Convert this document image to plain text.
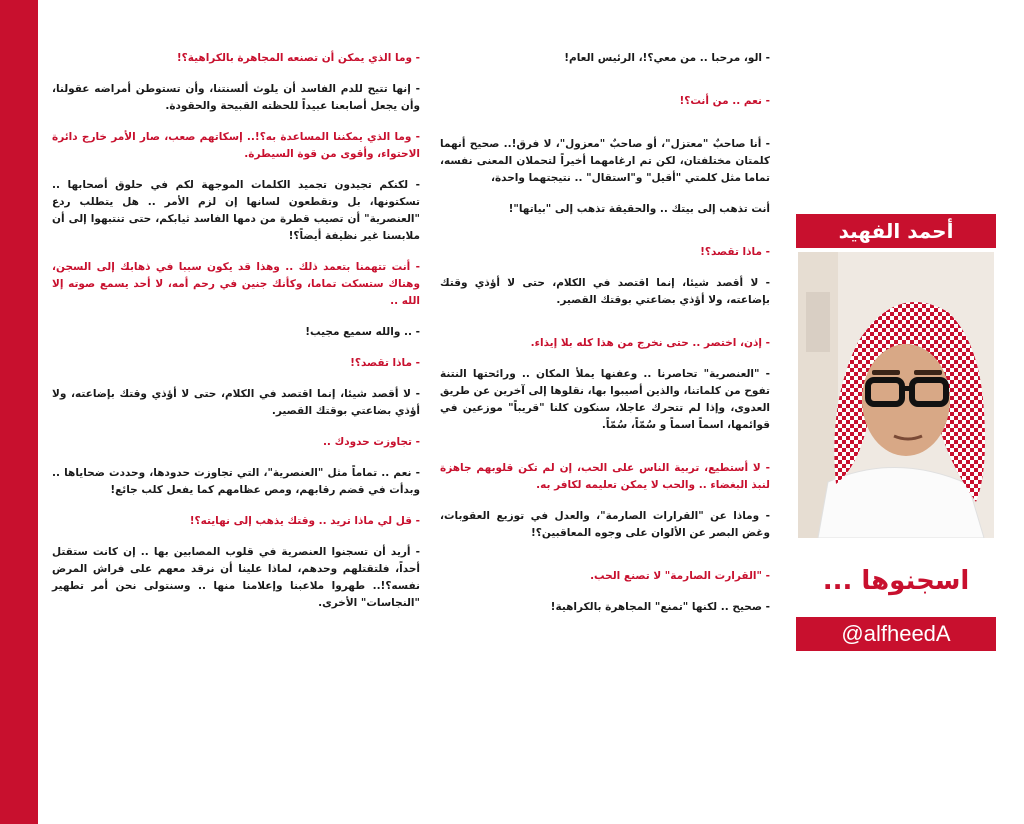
- وما الذي يمكن أن تصنعه المجاهرة بالكراهية؟!

- إنها تتيح للدم الفاسد أن يلوث ألسنتنا، وأن تستوطن أمراضه عقولنا، وأن يجعل أصابعنا عبيداً للحظته القبيحة والحقودة.

- وما الذي يمكننا المساعدة به؟!.. إسكاتهم صعب، صار الأمر خارج دائرة الاحتواء، وأقوى من قوة السيطرة.

- لكنكم تجيدون تجميد الكلمات الموجهة لكم في حلوق أصحابها .. تسكتونها، بل وتقطعون لسانها إن لزم الأمر .. هل يتطلب ردع "العنصرية" أن تصيب قطرة من دمها الفاسد ثيابكم، حتى تنتبهوا إلى أن ملابسنا غير نظيفة أيضاً؟!

- أنت تتهمنا بتعمد ذلك .. وهذا قد يكون سببا في ذهابك إلى السجن، وهناك ستسكت تماما، وكأنك جنين في رحم أمه، لا أحد يسمع صوته إلا الله ..

- .. والله سميع مجيب!

- ماذا تقصد؟!

- لا أقصد شيئا، إنما اقتصد في الكلام، حتى لا أؤذي وقتك بإضاعته، ولا أؤذي بضاعتي بوقتك القصير.

- تجاوزت حدودك ..

- نعم .. تماماً مثل "العنصرية"، التي تجاوزت حدودها، وحددت ضحاياها .. وبدأت في قضم رقابهم، ومص عظامهم كما يفعل كلب جائع!

- قل لي ماذا تريد .. وقتك يذهب إلى نهايته؟!

- أريد أن تسجنوا العنصرية في قلوب المصابين بها .. إن كانت ستقتل أحداً، فلتقتلهم وحدهم، لماذا علينا أن نرقد معهم على فراش المرض نفسه؟!.. طهروا ملاعبنا وإعلامنا منها .. وسنتولى نحن أمر تطهير "النجاسات" الأخرى.

- الو، مرحبا .. من معي؟!، الرئيس العام!

- نعم .. من أنت؟!

- أنا صاحبٌ "معتزل"، أو صاحبٌ "معزول"، لا فرق!.. صحيح أنهما كلمتان مختلفتان، لكن تم ارغامهما أخيراً لتحملان المعنى نفسه، تماما مثل كلمتي "أقيل" و"استقال" .. نتيجتهما واحدة،

أنت تذهب إلى بيتك .. والحقيقة تذهب إلى "بياتها"!

- ماذا تقصد؟!

- لا أقصد شيئا، إنما اقتصد في الكلام، حتى لا أؤذي وقتك بإضاعته، ولا أؤذي بضاعتي بوقتك القصير.

- إذن، اختصر .. حتى نخرج من هذا كله بلا إيذاء.

- "العنصرية" تحاصرنا .. وعفنها يملأ المكان .. ورائحتها النتنة تفوح من كلماتنا، والذين أصيبوا بها، نقلوها إلى آخرين عن طريق العدوى، وإذا لم تتحرك عاجلا، سنكون كلنا "قريباً" موزعين في قوائمها، اسماً اسماً و سُمّاً، سُمّاً.

- لا أستطيع، تربية الناس على الحب، إن لم تكن قلوبهم جاهزة لنبذ البغضاء .. والحب لا يمكن تعليمه لكافر به.

- وماذا عن "القرارات الصارمة"، والعدل في توزيع العقوبات، وغض البصر عن الألوان على وجوه المعاقبين؟!

- "القرارت الصارمة" لا تصنع الحب.

- صحيح .. لكنها "تمنع" المجاهرة بالكراهية!

أحمد الفهيد
اسجنوها ...
@alfheedA
